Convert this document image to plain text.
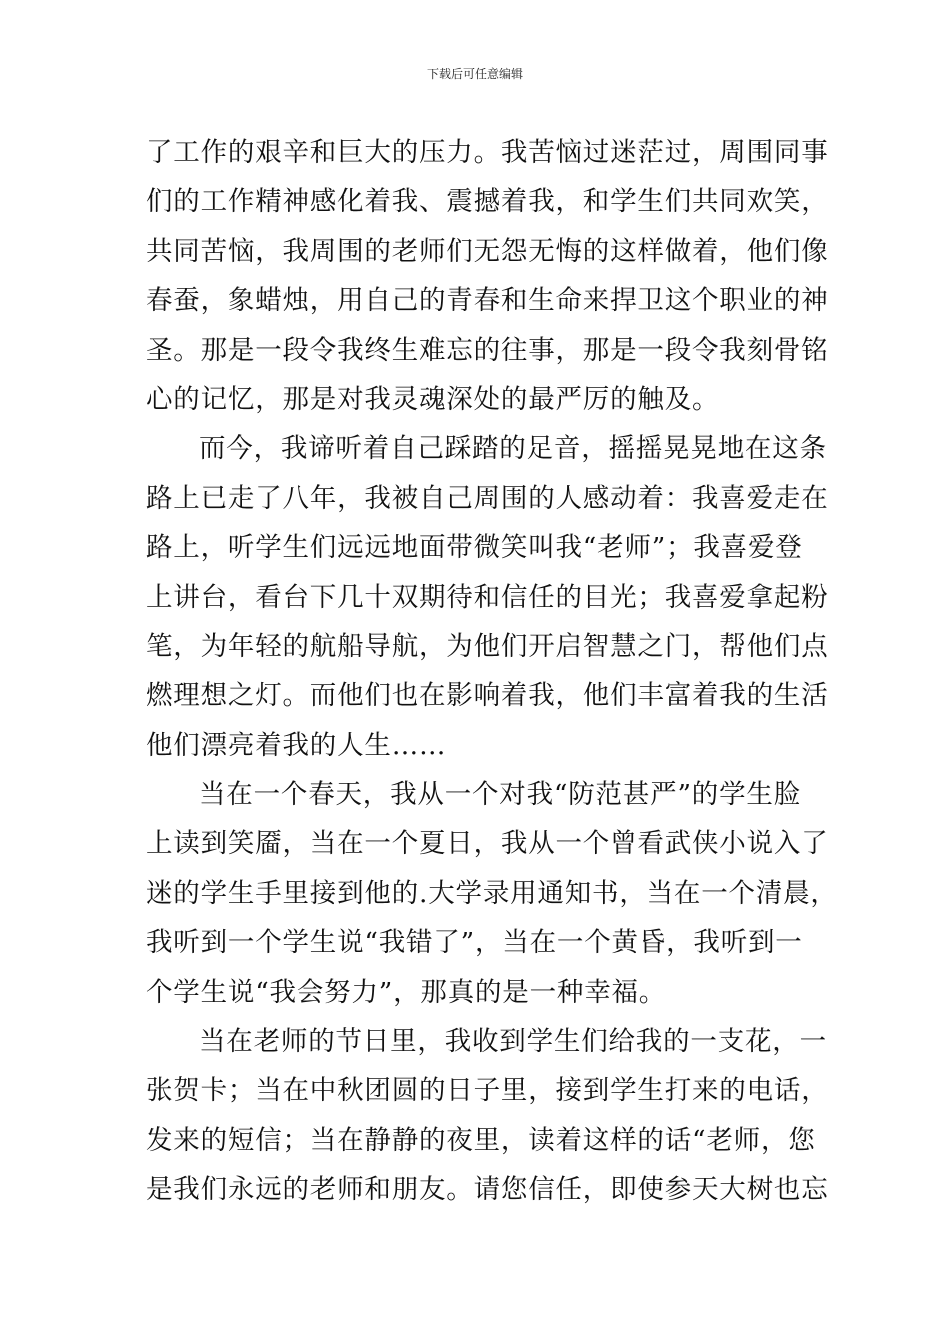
下载后可任意编辑
了工作的艰辛和巨大的压力。我苦恼过迷茫过，周围同事
们的工作精神感化着我、震撼着我，和学生们共同欢笑，
共同苦恼，我周围的老师们无怨无悔的这样做着，他们像
春蚕，象蜡烛，用自己的青春和生命来捍卫这个职业的神
圣。那是一段令我终生难忘的往事，那是一段令我刻骨铭
心的记忆，那是对我灵魂深处的最严厉的触及。
而今，我谛听着自己踩踏的足音，摇摇晃晃地在这条
路上已走了八年，我被自己周围的人感动着：我喜爱走在
路上，听学生们远远地面带微笑叫我“老师”；我喜爱登
上讲台，看台下几十双期待和信任的目光；我喜爱拿起粉
笔，为年轻的航船导航，为他们开启智慧之门，帮他们点
燃理想之灯。而他们也在影响着我，他们丰富着我的生活
他们漂亮着我的人生……
当在一个春天，我从一个对我“防范甚严”的学生脸
上读到笑靥，当在一个夏日，我从一个曾看武侠小说入了
迷的学生手里接到他的.大学录用通知书，当在一个清晨，
我听到一个学生说“我错了”，当在一个黄昏，我听到一
个学生说“我会努力”，那真的是一种幸福。
当在老师的节日里，我收到学生们给我的一支花，一
张贺卡；当在中秋团圆的日子里，接到学生打来的电话，
发来的短信；当在静静的夜里，读着这样的话“老师，您
是我们永远的老师和朋友。请您信任，即使参天大树也忘
